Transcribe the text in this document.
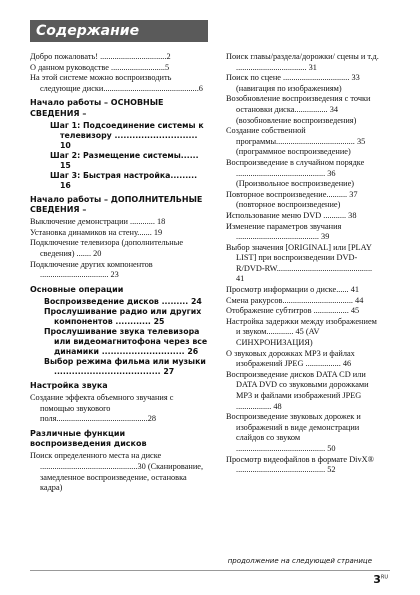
Содержание
Добро пожаловать! ................................2
О данном руководстве ..........................5
На этой системе можно воспроизводить следующие диски..............................................6
Начало работы – ОСНОВНЫЕ СВЕДЕНИЯ –
Шаг 1: Подсоединение системы к телевизору ............................ 10
Шаг 2: Размещение системы...... 15
Шаг 3: Быстрая настройка......... 16
Начало работы – ДОПОЛНИТЕЛЬНЫЕ СВЕДЕНИЯ –
Выключение демонстрации ............ 18
Установка динамиков на стену....... 19
Подключение телевизора (дополнительные сведения) ....... 20
Подключение других компонентов ................................. 23
Основные операции
Воспроизведение дисков ......... 24
Прослушивание радио или других компонентов ............ 25
Прослушивание звука телевизора или видеомагнитофона через все динамики ............................ 26
Выбор режима фильма или музыки .................................... 27
Настройка звука
Создание эффекта объемного звучания с помощью звукового поля............................................28
Различные функции воспроизведения дисков
Поиск определенного места на диске ...............................................30 (Сканирование, замедленное воспроизведение, остановка кадра)
Поиск главы/раздела/дорожки/ сцены и т.д. .................................. 31
Поиск по сцене ................................ 33 (навигация по изображениям)
Возобновление воспроизведения с точки остановки диска................ 34 (возобновление воспроизведения)
Создание собственной программы...................................... 35 (программное воспроизведение)
Воспроизведение в случайном порядке ........................................... 36 (Произвольное воспроизведение)
Повторное воспроизведение.......... 37 (повторное воспроизведение)
Использование меню DVD ........... 38
Изменение параметров звучания ........................................ 39
Выбор значения [ORIGINAL] или [PLAY LIST] при воспроизведении DVD-R/DVD-RW.............................................. 41
Просмотр информации о диске...... 41
Смена ракурсов.................................. 44
Отображение субтитров ................. 45
Настройка задержки между изображением и звуком............. 45 (AV СИНХРОНИЗАЦИЯ)
О звуковых дорожках MP3 и файлах изображений JPEG ................. 46
Воспроизведение дисков DATA CD или DATA DVD со звуковыми дорожками MP3 и файлами изображений JPEG ................. 48
Воспроизведение звуковых дорожек и изображений в виде демонстрации слайдов со звуком ........................................... 50
Просмотр видеофайлов в формате DivX® ........................................... 52
продолжение на следующей странице
$3^{RU}$
